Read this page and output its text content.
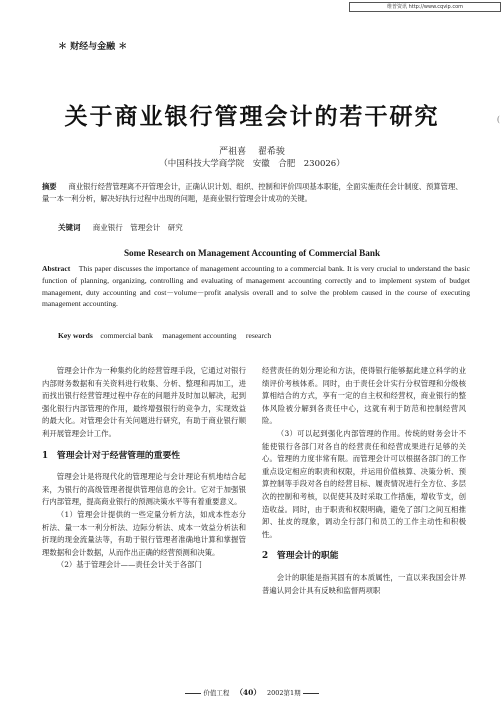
维普资讯 http://www.cqvip.com
(
＊ 财经与金融 ＊
关于商业银行管理会计的若干研究
严祖喜　 翟希骏
（中国科技大学商学院　安徽　合肥　230026）
摘要 　 商业银行经营管理离不开管理会计，正确认识计划、组织、控制和评价四项基本职能，全面实施责任会计制度、预算管理、量一本一利分析，解决好执行过程中出现的问题，是商业银行管理会计成功的关键。
关键词 　 商业银行　管理会计　研究
Some Research on Management Accounting of Commercial Bank
Abstract This paper discusses the importance of management accounting to a commercial bank. It is very crucial to understand the basic function of planning, organizing, controlling and evaluating of management accounting correctly and to implement system of budget management, duty accounting and cost－volume－profit analysis overall and to solve the problem caused in the course of executing management accounting.
Key words commercial bank　 management accounting　 research

管理会计作为一种集约化的经营管理手段，它通过对银行内部财务数据和有关资料进行收集、分析、整理和再加工，进而找出银行经营管理过程中存在的问题并及时加以解决，起到强化银行内部管理的作用，最终增强银行的竞争力，实现效益的最大化。对管理会计有关问题进行研究，有助于商业银行顺利开展管理会计工作。

1　管理会计对于经营管理的重要性

管理会计是将现代化的管理理论与会计理论有机地结合起来，为银行的高级管理者提供管理信息的会计。它对于加强银行内部管理，提高商业银行的预测决策水平等有着重要意义。

（1）管理会计提供的一些定量分析方法，如成本性态分析法、量一本一利分析法、边际分析法、成本一效益分析法和折现的现金流量法等，有助于银行管理者准确地计算和掌握管理数据和会计数据，从而作出正确的经营预测和决策。

（2）基于管理会计——责任会计关于各部门

经营责任的划分理论和方法，使得银行能够据此建立科学的业绩评价考核体系。同时，由于责任会计实行分权管理和分级核算相结合的方式，享有一定的自主权和经营权，商业银行的整体风险被分解到各责任中心，这就有利于防范和控制经营风险。

（3）可以起到强化内部管理的作用。传统的财务会计不能使银行各部门对各自的经营责任和经营成果进行足够的关心。管理的力度非常有限。而管理会计可以根据各部门的工作重点设定相应的职责和权限，并运用价值核算、决策分析、预算控制等手段对各自的经营目标、履责情况进行全方位、多层次的控制和考核，以促使其及时采取工作措施，增收节支，创造收益。同时，由于职责和权限明确，避免了部门之间互相推卸、扯皮的现象，调动全行部门和员工的工作主动性和积极性。

2　管理会计的职能

会计的职能是指其固有的本质属性，一直以来我国会计界普遍认同会计具有反映和监督两项职

价值工程 （40） 2002第1期
